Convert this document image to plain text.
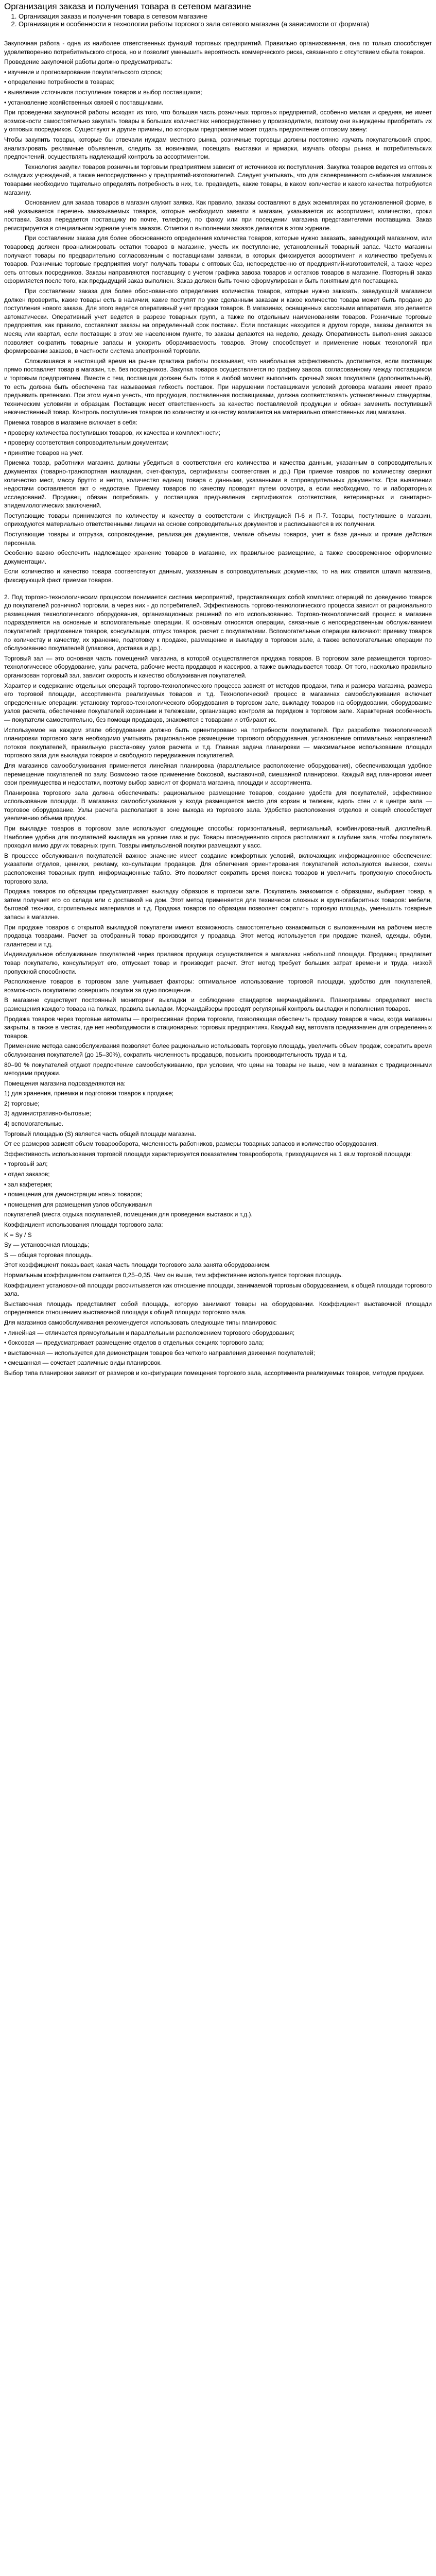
Организация заказа и получения товара в сетевом магазине
1. Организация заказа и получения товара в сетевом магазине
2. Организация и особенности в технологии работы торгового зала сетевого магазина (а зависимости от формата)

Закупочная работа - одна из наиболее ответственных функций торговых предприятий. Правильно организованная, она по только способствует удовлетворению потребительского спроса, но и позволит уменьшить вероятность коммерческого риска, связанного с отсутствием сбыта товаров.

Проведение закупочной работы должно предусматривать:

• изучение и прогнозирование покупательского спроса;

• определение потребности в товарах;

• выявление источников поступления товаров и выбор поставщиков;

• установление хозяйственных связей с поставщиками.

При проведении закупочной работы исходят из того, что большая часть розничных торговых предприятий, особенно мелкая и средняя, не имеет возможности самостоятельно закупать товары в больших количествах непосредственно у производителя, поэтому они вынуждены приобретать их у оптовых посредников. Существуют и другие причины, по которым предприятие может отдать предпочтение оптовому звену:

Чтобы закупить товары, которые бы отвечали нуждам местного рынка, розничные торговцы должны постоянно изучать покупательский спрос, анализировать рекламные объявления, следить за новинками, посещать выставки и ярмарки, изучать обзоры рынка и потребительских предпочтений, осуществлять надлежащий контроль за ассортиментом.

Технология закупки товаров розничным торговым предприятием зависит от источников их поступления. Закупка товаров ведется из оптовых складских учреждений, а также непосредственно у предприятий-изготовителей. Следует учитывать, что для своевременного снабжения магазинов товарами необходимо тщательно определять потребность в них, т.е. предвидеть, какие товары, в каком количестве и какого качества потребуются магазину.

Основанием для заказа товаров в магазин служит заявка. Как правило, заказы составляют в двух экземплярах по установленной форме, в ней указывается перечень заказываемых товаров, которые необходимо завезти в магазин, указывается их ассортимент, количество, сроки поставки. Заказ передается поставщику по почте, телефону, по факсу или при посещении магазина представителями поставщика. Заказ регистрируется в специальном журнале учета заказов. Отметки о выполнении заказов делаются в этом журнале.

При составлении заказа для более обоснованного определения количества товаров, которые нужно заказать, заведующий магазином, или товаровед должен проанализировать остатки товаров в магазине, учесть их поступление, установленный товарный запас. Часто магазины получают товары по предварительно согласованным с поставщиками заявкам, в которых фиксируется ассортимент и количество требуемых товаров. Розничные торговые предприятия могут получать товары с оптовых баз, непосредственно от предприятий-изготовителей, а также через сеть оптовых посредников. Заказы направляются поставщику с учетом графика завоза товаров и остатков товаров в магазине. Повторный заказ оформляется после того, как предыдущий заказ выполнен. Заказ должен быть точно сформулирован и быть понятным для поставщика.

При составлении заказа для более обоснованного определения количества товаров, которые нужно заказать, заведующий магазином должен проверить, какие товары есть в наличии, какие поступят по уже сделанным заказам и какое количество товара может быть продано до поступления нового заказа. Для этого ведется оперативный учет продажи товаров. В магазинах, оснащенных кассовыми аппаратами, это делается автоматически. Оперативный учет ведется в разрезе товарных групп, а также по отдельным наименованиям товаров. Розничные торговые предприятия, как правило, составляют заказы на определенный срок поставки. Если поставщик находится в другом городе, заказы делаются за месяц или квартал, если поставщик в этом же населенном пункте, то заказы делаются на неделю, декаду. Оперативность выполнения заказов позволяет сократить товарные запасы и ускорить оборачиваемость товаров. Этому способствует и применение новых технологий при формировании заказов, в частности система электронной торговли.

Сложившаяся в настоящий время на рынке практика работы показывает, что наибольшая эффективность достигается, если поставщик прямо поставляет товар в магазин, т.е. без посредников. Закупка товаров осуществляется по графику завоза, согласованному между поставщиком и торговым предприятием. Вместе с тем, поставщик должен быть готов в любой момент выполнить срочный заказ покупателя (дополнительный), то есть должна быть обеспечена так называемая гибкость поставок. При нарушении поставщиками условий договора магазин имеет право предъявить претензию. При этом нужно учесть, что продукция, поставленная поставщиками, должна соответствовать установленным стандартам, техническим условиям и образцам. Поставщик несет ответственность за качество поставляемой продукции и обязан заменить поступивший некачественный товар. Контроль поступления товаров по количеству и качеству возлагается на материально ответственных лиц магазина.

Приемка товаров в магазине включает в себя:

• проверку количества поступивших товаров, их качества и комплектности;

• проверку соответствия сопроводительным документам;

• принятие товаров на учет.

Приемка товар, работники магазина должны убедиться в соответствии его количества и качества данным, указанным в сопроводительных документах (товарно-транспортная накладная, счет-фактура, сертификаты соответствия и др.) При приемке товаров по количеству сверяют количество мест, массу брутто и нетто, количество единиц товара с данными, указанными в сопроводительных документах. При выявлении недостачи составляется акт о недостаче. Приемку товаров по качеству проводят путем осмотра, а если необходимо, то и лабораторных исследований. Продавец обязан потребовать у поставщика предъявления сертификатов соответствия, ветеринарных и санитарно-эпидемиологических заключений.

Поступающие товары принимаются по количеству и качеству в соответствии с Инструкцией П-6 и П-7. Товары, поступившие в магазин, оприходуются материально ответственными лицами на основе сопроводительных документов и расписываются в их получении.

Поступающие товары и отгрузка, сопровождение, реализация документов, мелкие объемы товаров, учет в базе данных и прочие действия персонала.

Особенно важно обеспечить надлежащее хранение товаров в магазине, их правильное размещение, а также своевременное оформление документации.

Если количество и качество товара соответствуют данным, указанным в сопроводительных документах, то на них ставится штамп магазина, фиксирующий факт приемки товаров.

2. Под торгово-технологическим процессом понимается система мероприятий, представляющих собой комплекс операций по доведению товаров до покупателей розничной торговли, а через них - до потребителей. Эффективность торгово-технологического процесса зависит от рационального размещения технологического оборудования, организационных решений по его использованию. Торгово-технологический процесс в магазине подразделяется на основные и вспомогательные операции. К основным относятся операции, связанные с непосредственным обслуживанием покупателей: предложение товаров, консультации, отпуск товаров, расчет с покупателями. Вспомогательные операции включают: приемку товаров по количеству и качеству, их хранение, подготовку к продаже, размещение и выкладку в торговом зале, а также вспомогательные операции по обслуживанию покупателей (упаковка, доставка и др.).

Торговый зал — это основная часть помещений магазина, в которой осуществляется продажа товаров. В торговом зале размещается торгово-технологическое оборудование, узлы расчета, рабочие места продавцов и кассиров, а также выкладывается товар. От того, насколько правильно организован торговый зал, зависит скорость и качество обслуживания покупателей.

Характер и содержание отдельных операций торгово-технологического процесса зависят от методов продажи, типа и размера магазина, размера его торговой площади, ассортимента реализуемых товаров и т.д. Технологический процесс в магазинах самообслуживания включает определенные операции: установку торгово-технологического оборудования в торговом зале, выкладку товаров на оборудовании, оборудование узлов расчета, обеспечение покупателей корзинами и тележками, организацию контроля за порядком в торговом зале. Характерная особенность — покупатели самостоятельно, без помощи продавцов, знакомятся с товарами и отбирают их.

Используемое на каждом этапе оборудование должно быть ориентировано на потребности покупателей. При разработке технологической планировки торгового зала необходимо учитывать рациональное размещение торгового оборудования, установление оптимальных направлений потоков покупателей, правильную расстановку узлов расчета и т.д. Главная задача планировки — максимальное использование площади торгового зала для выкладки товаров и свободного передвижения покупателей.

Для магазинов самообслуживания применяется линейная планировка (параллельное расположение оборудования), обеспечивающая удобное перемещение покупателей по залу. Возможно также применение боксовой, выставочной, смешанной планировки. Каждый вид планировки имеет свои преимущества и недостатки, поэтому выбор зависит от формата магазина, площади и ассортимента.

Планировка торгового зала должна обеспечивать: рациональное размещение товаров, создание удобств для покупателей, эффективное использование площади. В магазинах самообслуживания у входа размещается место для корзин и тележек, вдоль стен и в центре зала — торговое оборудование. Узлы расчета располагают в зоне выхода из торгового зала. Удобство расположения отделов и секций способствует увеличению объема продаж.

При выкладке товаров в торговом зале используют следующие способы: горизонтальный, вертикальный, комбинированный, дисплейный. Наиболее удобна для покупателей выкладка на уровне глаз и рук. Товары повседневного спроса располагают в глубине зала, чтобы покупатель проходил мимо других товарных групп. Товары импульсивной покупки размещают у касс.

В процессе обслуживания покупателей важное значение имеет создание комфортных условий, включающих информационное обеспечение: указатели отделов, ценники, рекламу, консультации продавцов. Для облегчения ориентирования покупателей используются вывески, схемы расположения товарных групп, информационные табло. Это позволяет сократить время поиска товаров и увеличить пропускную способность торгового зала.

Продажа товаров по образцам предусматривает выкладку образцов в торговом зале. Покупатель знакомится с образцами, выбирает товар, а затем получает его со склада или с доставкой на дом. Этот метод применяется для технически сложных и крупногабаритных товаров: мебели, бытовой техники, строительных материалов и т.д. Продажа товаров по образцам позволяет сократить торговую площадь, уменьшить товарные запасы в магазине.

При продаже товаров с открытой выкладкой покупатели имеют возможность самостоятельно ознакомиться с выложенными на рабочем месте продавца товарами. Расчет за отобранный товар производится у продавца. Этот метод используется при продаже тканей, одежды, обуви, галантереи и т.д.

Индивидуальное обслуживание покупателей через прилавок продавца осуществляется в магазинах небольшой площади. Продавец предлагает товар покупателю, консультирует его, отпускает товар и производит расчет. Этот метод требует больших затрат времени и труда, низкой пропускной способности.

Расположение товаров в торговом зале учитывает факторы: оптимальное использование торговой площади, удобство для покупателей, возможность покупателю совершить покупки за одно посещение.

В магазине существует постоянный мониторинг выкладки и соблюдение стандартов мерчандайзинга. Планограммы определяют места размещения каждого товара на полках, правила выкладки. Мерчандайзеры проводят регулярный контроль выкладки и пополнения товаров.

Продажа товаров через торговые автоматы — прогрессивная форма торговли, позволяющая обеспечить продажу товаров в часы, когда магазины закрыты, а также в местах, где нет необходимости в стационарных торговых предприятиях. Каждый вид автомата предназначен для определенных товаров.

Применение метода самообслуживания позволяет более рационально использовать торговую площадь, увеличить объем продаж, сократить время обслуживания покупателей (до 15–30%), сократить численность продавцов, повысить производительность труда и т.д.

80–90 % покупателей отдают предпочтение самообслуживанию, при условии, что цены на товары не выше, чем в магазинах с традиционными методами продажи.

Помещения магазина подразделяются на:

1) для хранения, приемки и подготовки товаров к продаже;

2) торговые;

3) административно-бытовые;

4) вспомогательные.

Торговый площадью (S) является часть общей площади магазина.

От ее размеров зависят объем товарооборота, численность работников, размеры товарных запасов и количество оборудования.

Эффективность использования торговой площади характеризуется показателем товарооборота, приходящимся на 1 кв.м торговой площади:

• торговый зал;

• отдел заказов;

• зал кафетерия;

• помещения для демонстрации новых товаров;

• помещения для размещения узлов обслуживания

покупателей (места отдыха покупателей, помещения для проведения выставок и т.д.).

Коэффициент использования площади торгового зала:

K = Sy / S

Sy — установочная площадь;

S — общая торговая площадь.

Этот коэффициент показывает, какая часть площади торгового зала занята оборудованием.

Нормальным коэффициентом считается 0,25–0,35. Чем он выше, тем эффективнее используется торговая площадь.

Коэффициент установочной площади рассчитывается как отношение площади, занимаемой торговым оборудованием, к общей площади торгового зала.

Выставочная площадь представляет собой площадь, которую занимают товары на оборудовании. Коэффициент выставочной площади определяется отношением выставочной площади к общей площади торгового зала.

Для магазинов самообслуживания рекомендуется использовать следующие типы планировок:

• линейная — отличается прямоугольным и параллельным расположением торгового оборудования;

• боксовая — предусматривает размещение отделов в отдельных секциях торгового зала;

• выставочная — используется для демонстрации товаров без четкого направления движения покупателей;

• смешанная — сочетает различные виды планировок.

Выбор типа планировки зависит от размеров и конфигурации помещения торгового зала, ассортимента реализуемых товаров, методов продажи.
